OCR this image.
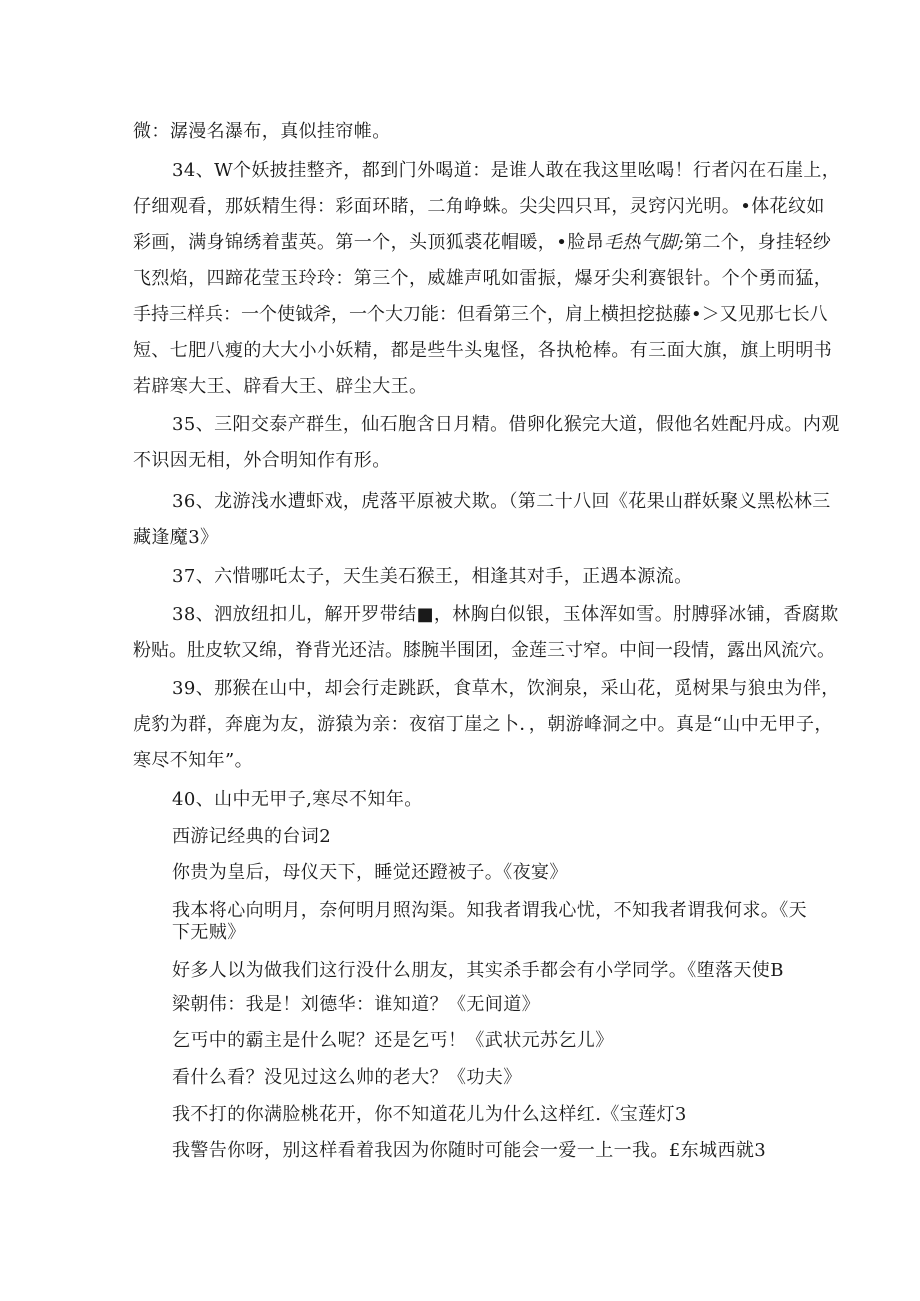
微：潺漫名瀑布，真似挂帘帷。
34、W个妖披挂整齐，都到门外喝道：是谁人敢在我这里吆喝！行者闪在石崖上，
仔细观看，那妖精生得：彩面环睹，二角峥蛛。尖尖四只耳，灵窍闪光明。•体花纹如
彩画，满身锦绣着蜚英。第一个，头顶狐裘花帽暖，•脸昂毛热气脚;第二个，身挂轻纱
飞烈焰，四蹄花莹玉玲玲：第三个，威雄声吼如雷振，爆牙尖利赛银针。个个勇而猛，
手持三样兵：一个使钺斧，一个大刀能：但看第三个，肩上横担挖挞藤•＞又见那七长八
短、七肥八瘦的大大小小妖精，都是些牛头鬼怪，各执枪棒。有三面大旗，旗上明明书
若辟寒大王、辟看大王、辟尘大王。
35、三阳交泰产群生，仙石胞含日月精。借卵化猴完大道，假他名姓配丹成。内观
不识因无相，外合明知作有形。
36、龙游浅水遭虾戏，虎落平原被犬欺。（第二十八回《花果山群妖聚义黑松林三
藏逢魔3》
37、六惜哪吒太子，天生美石猴王，相逢其对手，正遇本源流。
38、泗放纽扣儿，解开罗带结■，林胸白似银，玉体浑如雪。肘膊驿冰铺，香腐欺
粉贴。肚皮软又绵，脊背光还洁。膝腕半围团，金莲三寸窄。中间一段情，露出风流穴。
39、那猴在山中，却会行走跳跃，食草木，饮涧泉，采山花，觅树果与狼虫为伴，
虎豹为群，奔鹿为友，游猿为亲：夜宿丁崖之卜．，朝游峰洞之中。真是“山中无甲子，
寒尽不知年”。
40、山中无甲子,寒尽不知年。
西游记经典的台词2
你贵为皇后，母仪天下，睡觉还蹬被子。《夜宴》
我本将心向明月，奈何明月照沟渠。知我者谓我心忧，不知我者谓我何求。《天
下无贼》
好多人以为做我们这行没什么朋友，其实杀手都会有小学同学。《堕落天使B
梁朝伟：我是！刘德华：谁知道？《无间道》
乞丐中的霸主是什么呢？还是乞丐！《武状元苏乞儿》
看什么看？没见过这么帅的老大？《功夫》
我不打的你满脸桃花开，你不知道花儿为什么这样红.《宝莲灯3
我警告你呀，别这样看着我因为你随时可能会一爱一上一我。£东城西就3
